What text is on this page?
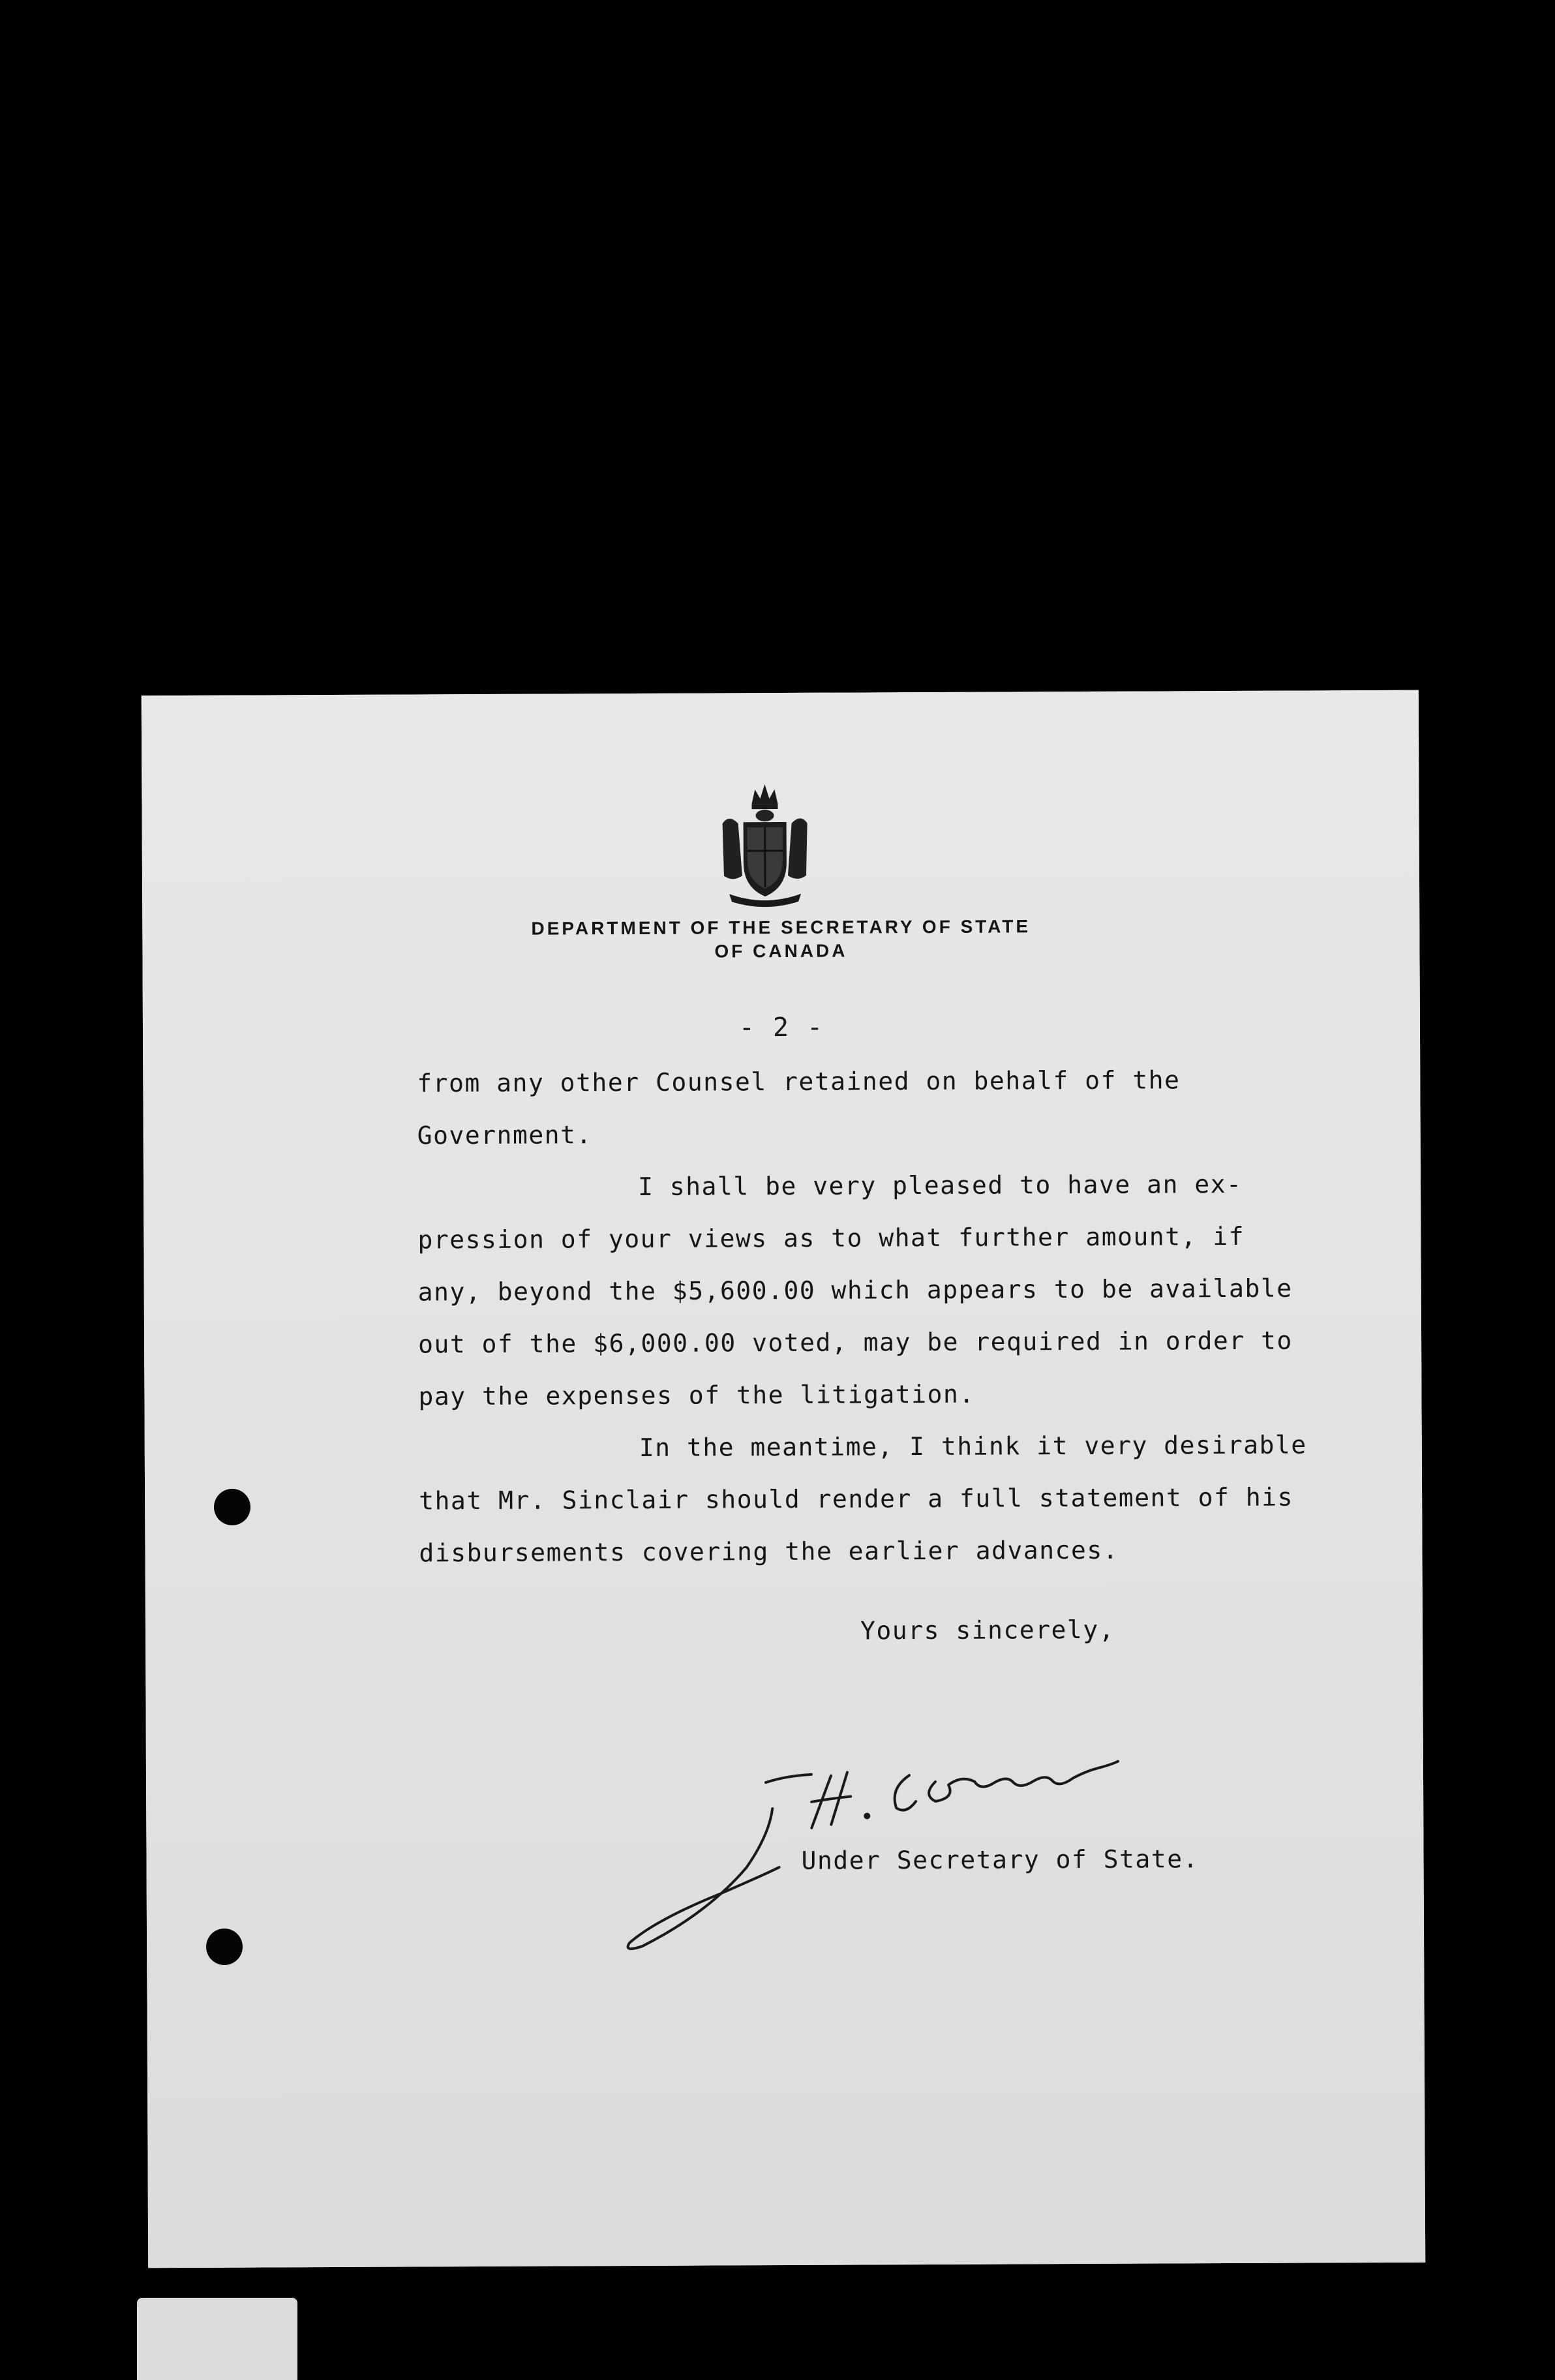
DEPARTMENT OF THE SECRETARY OF STATE
OF CANADA
- 2 -
from any other Counsel retained on behalf of the
Government.
I shall be very pleased to have an ex-
pression of your views as to what further amount, if
any, beyond the $5,600.00 which appears to be available
out of the $6,000.00 voted, may be required in order to
pay the expenses of the litigation.
In the meantime, I think it very desirable
that Mr. Sinclair should render a full statement of his
disbursements covering the earlier advances.
Yours sincerely,
Under Secretary of State.
